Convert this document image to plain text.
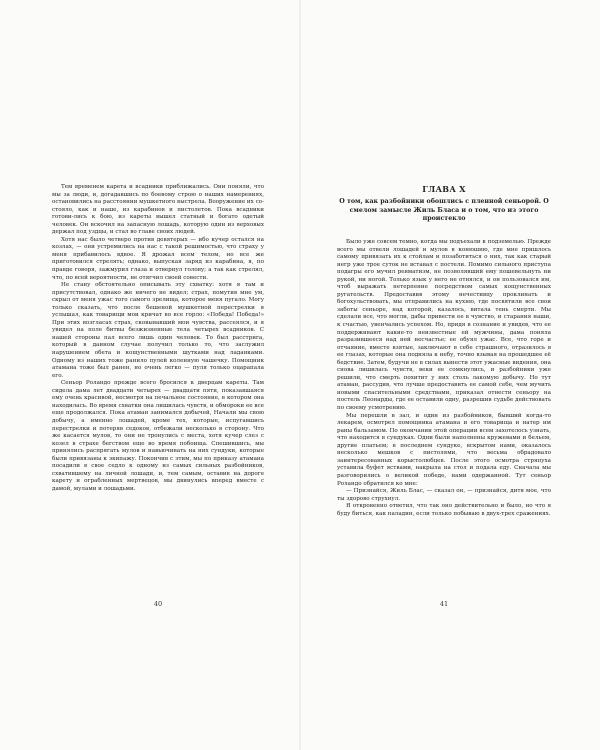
Тем временем карета и всадники приближались. Они поняли, что мы за люди, и, догадавшись по боевому строю о наших намерениях, остановились на расстоянии мушкетного выстрела. Вооружение их со-стояло, как и наше, из карабинов и пистолетов. Пока всадники готови-лись к бою, из кареты вышел статный и богато одетый человек. Он вскочил на запасную лошадь, которую один из верховых держал под уздцы, и стал во главе своих людей.

Хотя нас было четверо против девятерых — ибо кучер остался на козлах, — они устремились на нас с такой решимостью, что страху у меня прибавилось вдвое. Я дрожал всем телом, но все же приготовился стрелять; однако, выпуская заряд из карабина, я, по правде говоря, зажмурил глаза и отвернул голову; а так как стрелял, что, по всей вероятности, не отягчил своей совести.

Не стану обстоятельно описывать эту схватку: хотя я там и присутствовал, однако же ничего не видел; страх, помутив мне ум, скрыл от меня ужас того самого зрелища, которое меня пугало. Могу только сказать, что после бешеной мушкетной перестрелки я услышал, как товарищи мои кричат во все горло: «Победа! Победа!» При этих возгласах страх, сковывавший мои чувства, рассеялся, и я увидел на поле битвы безжизненные тела четырех всадников. С нашей стороны пал всего лишь один человек. То был расстрига, который в данном случае получил только то, что заслужил нарушением обета и кощунственными шутками над ладанками. Одному из наших тоже ранило пулей коленную чашечку. Помощник атамана тоже был ранен, но очень легко — пуля только оцарапала его.

Сеньор Роландо прежде всего бросился к дверцам кареты. Там сидела дама лет двадцати четырех — двадцати пяти, показавшаяся ему очень красивой, несмотря на печальное состояние, в котором она находилась. Во время схватки она лишилась чувств, и обмороки ее все еще продолжался. Пока атаман занимался добычей, Начали мы свою добычу, а именно лошадей, кроме тех, которые, испугавшись перестрелки и потеряв седоков, отбежали несколько в сторону. Что же касается мулов, то они не тронулись с места, хотя кучер слез с козел в страхе бегством еще во время побоища. Спешившись, мы принялись распрягать мулов и навьючивать на них сундуки, которые были привязаны к экипажу. Покончив с этим, мы по приказу атамана посадили в свое седло к одному из самых сильных разбойников, схватившему на личной лошади, и, тем самым, оставив на дороге карету и ограбленных мертвецов, мы двинулись вперед вместе с дамой, мулами и лошадьми.

40
ГЛАВА X

О том, как разбойники обошлись с пленной сеньорой. О смелом замысле Жиль Бласа и о том, что из этого проистекло

Было уже совсем темно, когда мы подъехали к подземелью. Прежде всего мы отвели лошадей и мулов в конюшню, где мне пришлось самому привязать их к стойлам и позаботиться о них, так как старый негр уже трое суток не вставал с постели. Помимо сильного приступа подагры его мучил ревматизм, не позволявший ему пошевельнуть ни рукой, ни ногой. Только язык у него не отнялся, и он пользовался им, чтоб выражать нетерпение посредством самых кощунственных ругательств. Предоставив этому нечестивцу проклинать и богохульствовать, мы отправились на кухню, где посвятили все свои заботы сеньоре, над которой, казалось, витала тень смерти. Мы сделали все, что могли, дабы привести ее в чувство, и старания наши, к счастью, увенчались успехом. Но, придя в сознание и увидев, что ее поддерживают какие-то неизвестные ей мужчины, дама поняла разразившееся над ней несчастье; ее обуял ужас. Все, что горе и отчаяние, вместе взятые, заключают в себе страшного, отразилось в ее глазах, которые она подняла к небу, точно взывая на прошедшее её бедствие. Затем, будучи не в силах вынести этот ужасные видения, она снова лишилась чувств, веки ее сомкнулись, и разбойники уже решили, что смерть похитит у них столь лакомую добычу. Но тут атаман, рассудив, что лучше предоставить ее самой себе, чем мучить новыми спасительными средствами, приказал отнести сеньору на постель Леонарды, где ее оставили одну, разрешив судьбе действовать по своему усмотрению.

Мы перешли в зал, и один из разбойников, бывший когда-то лекарем, осмотрел помощника атамана и его товарища и натер им раны бальзамом. По окончании этой операции всем захотелось узнать, что находится в сундуках. Одни были наполнены кружевами и бельем, другие платьем; в последнем сундуке, вскрытом нами, оказалось несколько мешков с пистолями, что весьма обрадовало заинтересованных корыстолюбцев. После этого осмотра стряпуха уставила буфет яствами, накрыла на стол и подала еду. Сначала мы разговорились о великой победе, нами одержанной. Тут сеньор Роландо обратился ко мне:

— Признайся, Жиль Блас, — сказал он, — признайся, дитя мое, что ты здорово струхнул.

Я откровенно ответил, что так оно действительно и было, но что я буду биться, как паладин, если только побываю в двух-трех сражениях.

41
